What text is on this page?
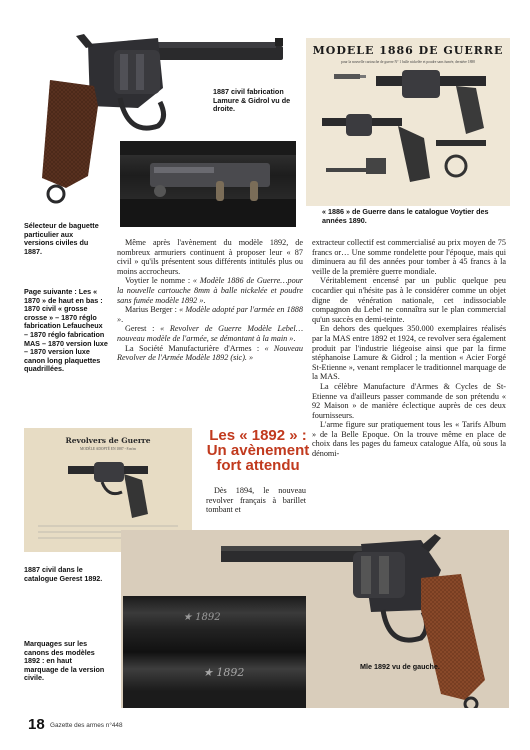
1887 civil fabrication Lamure & Gidrol vu de droite.
Sélecteur de baguette particulier aux versions civiles du 1887.
Page suivante : Les « 1870 » de haut en bas : 1870 civil « grosse crosse » – 1870 réglo fabrication Lefaucheux – 1870 réglo fabrication MAS – 1870 version luxe – 1870 version luxe canon long plaquettes quadrillées.
MODELE 1886 DE GUERRE
pour la nouvelle cartouche de guerre N° 1 balle nickelée et poudre sans fumée, dernière 1888
« 1886 » de Guerre dans le catalogue Voytier des années 1890.

Même après l'avènement du modèle 1892, de nombreux armuriers continuent à proposer leur « 87 civil » qu'ils présentent sous différents intitulés plus ou moins accrocheurs.

Voytier le nomme : « Modèle 1886 de Guerre…pour la nouvelle cartouche 8mm à balle nickelée et poudre sans fumée modèle 1892 ».

Marius Berger : « Modèle adopté par l'armée en 1888 ».

Gerest : « Revolver de Guerre Modèle Lebel… nouveau modèle de l'armée, se démontant à la main ».

La Société Manufacturière d'Armes : « Nouveau Revolver de l'Armée Modèle 1892 (sic). »

extracteur collectif est commercialisé au prix moyen de 75 francs or… Une somme rondelette pour l'époque, mais qui diminuera au fil des années pour tomber à 45 francs à la veille de la première guerre mondiale.

Véritablement encensé par un public quelque peu cocardier qui n'hésite pas à le considérer comme un objet digne de vénération nationale, cet indissociable compagnon du Lebel ne connaîtra sur le plan commercial qu'un succès en demi-teinte.

En dehors des quelques 350.000 exemplaires réalisés par la MAS entre 1892 et 1924, ce revolver sera également produit par l'industrie liégeoise ainsi que par la firme stéphanoise Lamure & Gidrol ; la mention « Acier Forgé St-Etienne », venant remplacer le traditionnel marquage de la MAS.

La célèbre Manufacture d'Armes & Cycles de St-Etienne va d'ailleurs passer commande de son prétendu « 92 Maison » de manière éclectique auprès de ces deux fournisseurs.

L'arme figure sur pratiquement tous les « Tarifs Album » de la Belle Epoque. On la trouve même en place de choix dans les pages du fameux catalogue Alfa, où sous la dénomi-

Revolvers de Guerre
MODÈLE ADOPTÉ EN 1887 - 8 m/m
1887 civil dans le catalogue Gerest 1892.
Les « 1892 » : Un avènement fort attendu

Dès 1894, le nouveau revolver français à barillet tombant et

★ 1892
★ 1892
Marquages sur les canons des modèles 1892 : en haut marquage de la version civile.
Mle 1892 vu de gauche.
18 Gazette des armes n°448
